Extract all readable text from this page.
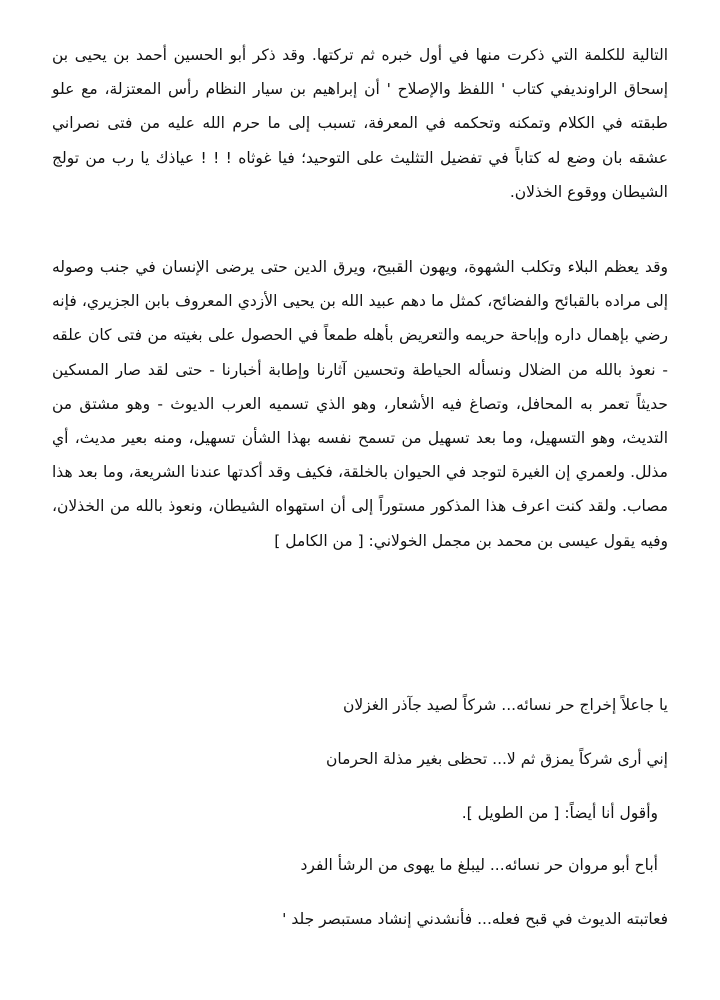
التالية للكلمة التي ذكرت منها في أول خبره ثم تركتها. وقد ذكر أبو الحسين أحمد بن يحيى بن إسحاق الراونديفي كتاب ' اللفظ والإصلاح ' أن إبراهيم بن سيار النظام رأس المعتزلة، مع علو طبقته في الكلام وتمكنه وتحكمه في المعرفة، تسبب إلى ما حرم الله عليه من فتى نصراني عشقه بان وضع له كتاباً في تفضيل التثليث على التوحيد؛ فيا غوثاه ! ! ! عياذك يا رب من تولج الشيطان ووقوع الخذلان.
وقد يعظم البلاء وتكلب الشهوة، ويهون القبيح، ويرق الدين حتى يرضى الإنسان في جنب وصوله إلى مراده بالقبائح والفضائح، كمثل ما دهم عبيد الله بن يحيى الأزدي المعروف بابن الجزيري، فإنه رضي بإهمال داره وإباحة حريمه والتعريض بأهله طمعاً في الحصول على بغيته من فتى كان علقه - نعوذ بالله من الضلال ونسأله الحياطة وتحسين آثارنا وإطابة أخبارنا - حتى لقد صار المسكين حديثاً تعمر به المحافل، وتصاغ فيه الأشعار، وهو الذي تسميه العرب الديوث - وهو مشتق من التديث، وهو التسهيل، وما بعد تسهيل من تسمح نفسه بهذا الشأن تسهيل، ومنه بعير مديث، أي مذلل. ولعمري إن الغيرة لتوجد في الحيوان بالخلقة، فكيف وقد أكدتها عندنا الشريعة، وما بعد هذا مصاب. ولقد كنت اعرف هذا المذكور مستوراً إلى أن استهواه الشيطان، ونعوذ بالله من الخذلان، وفيه يقول عيسى بن محمد بن مجمل الخولاني: [ من الكامل ]
يا جاعلاً إخراج حر نسائه... شركاً لصيد جآذر الغزلان
إني أرى شركاً يمزق ثم لا... تحظى بغير مذلة الحرمان
وأقول أنا أيضاً: [ من الطويل ].
أباح أبو مروان حر نسائه... ليبلغ ما يهوى من الرشأ الفرد
فعاتبته الديوث في قبح فعله... فأنشدني إنشاد مستبصر جلد '
